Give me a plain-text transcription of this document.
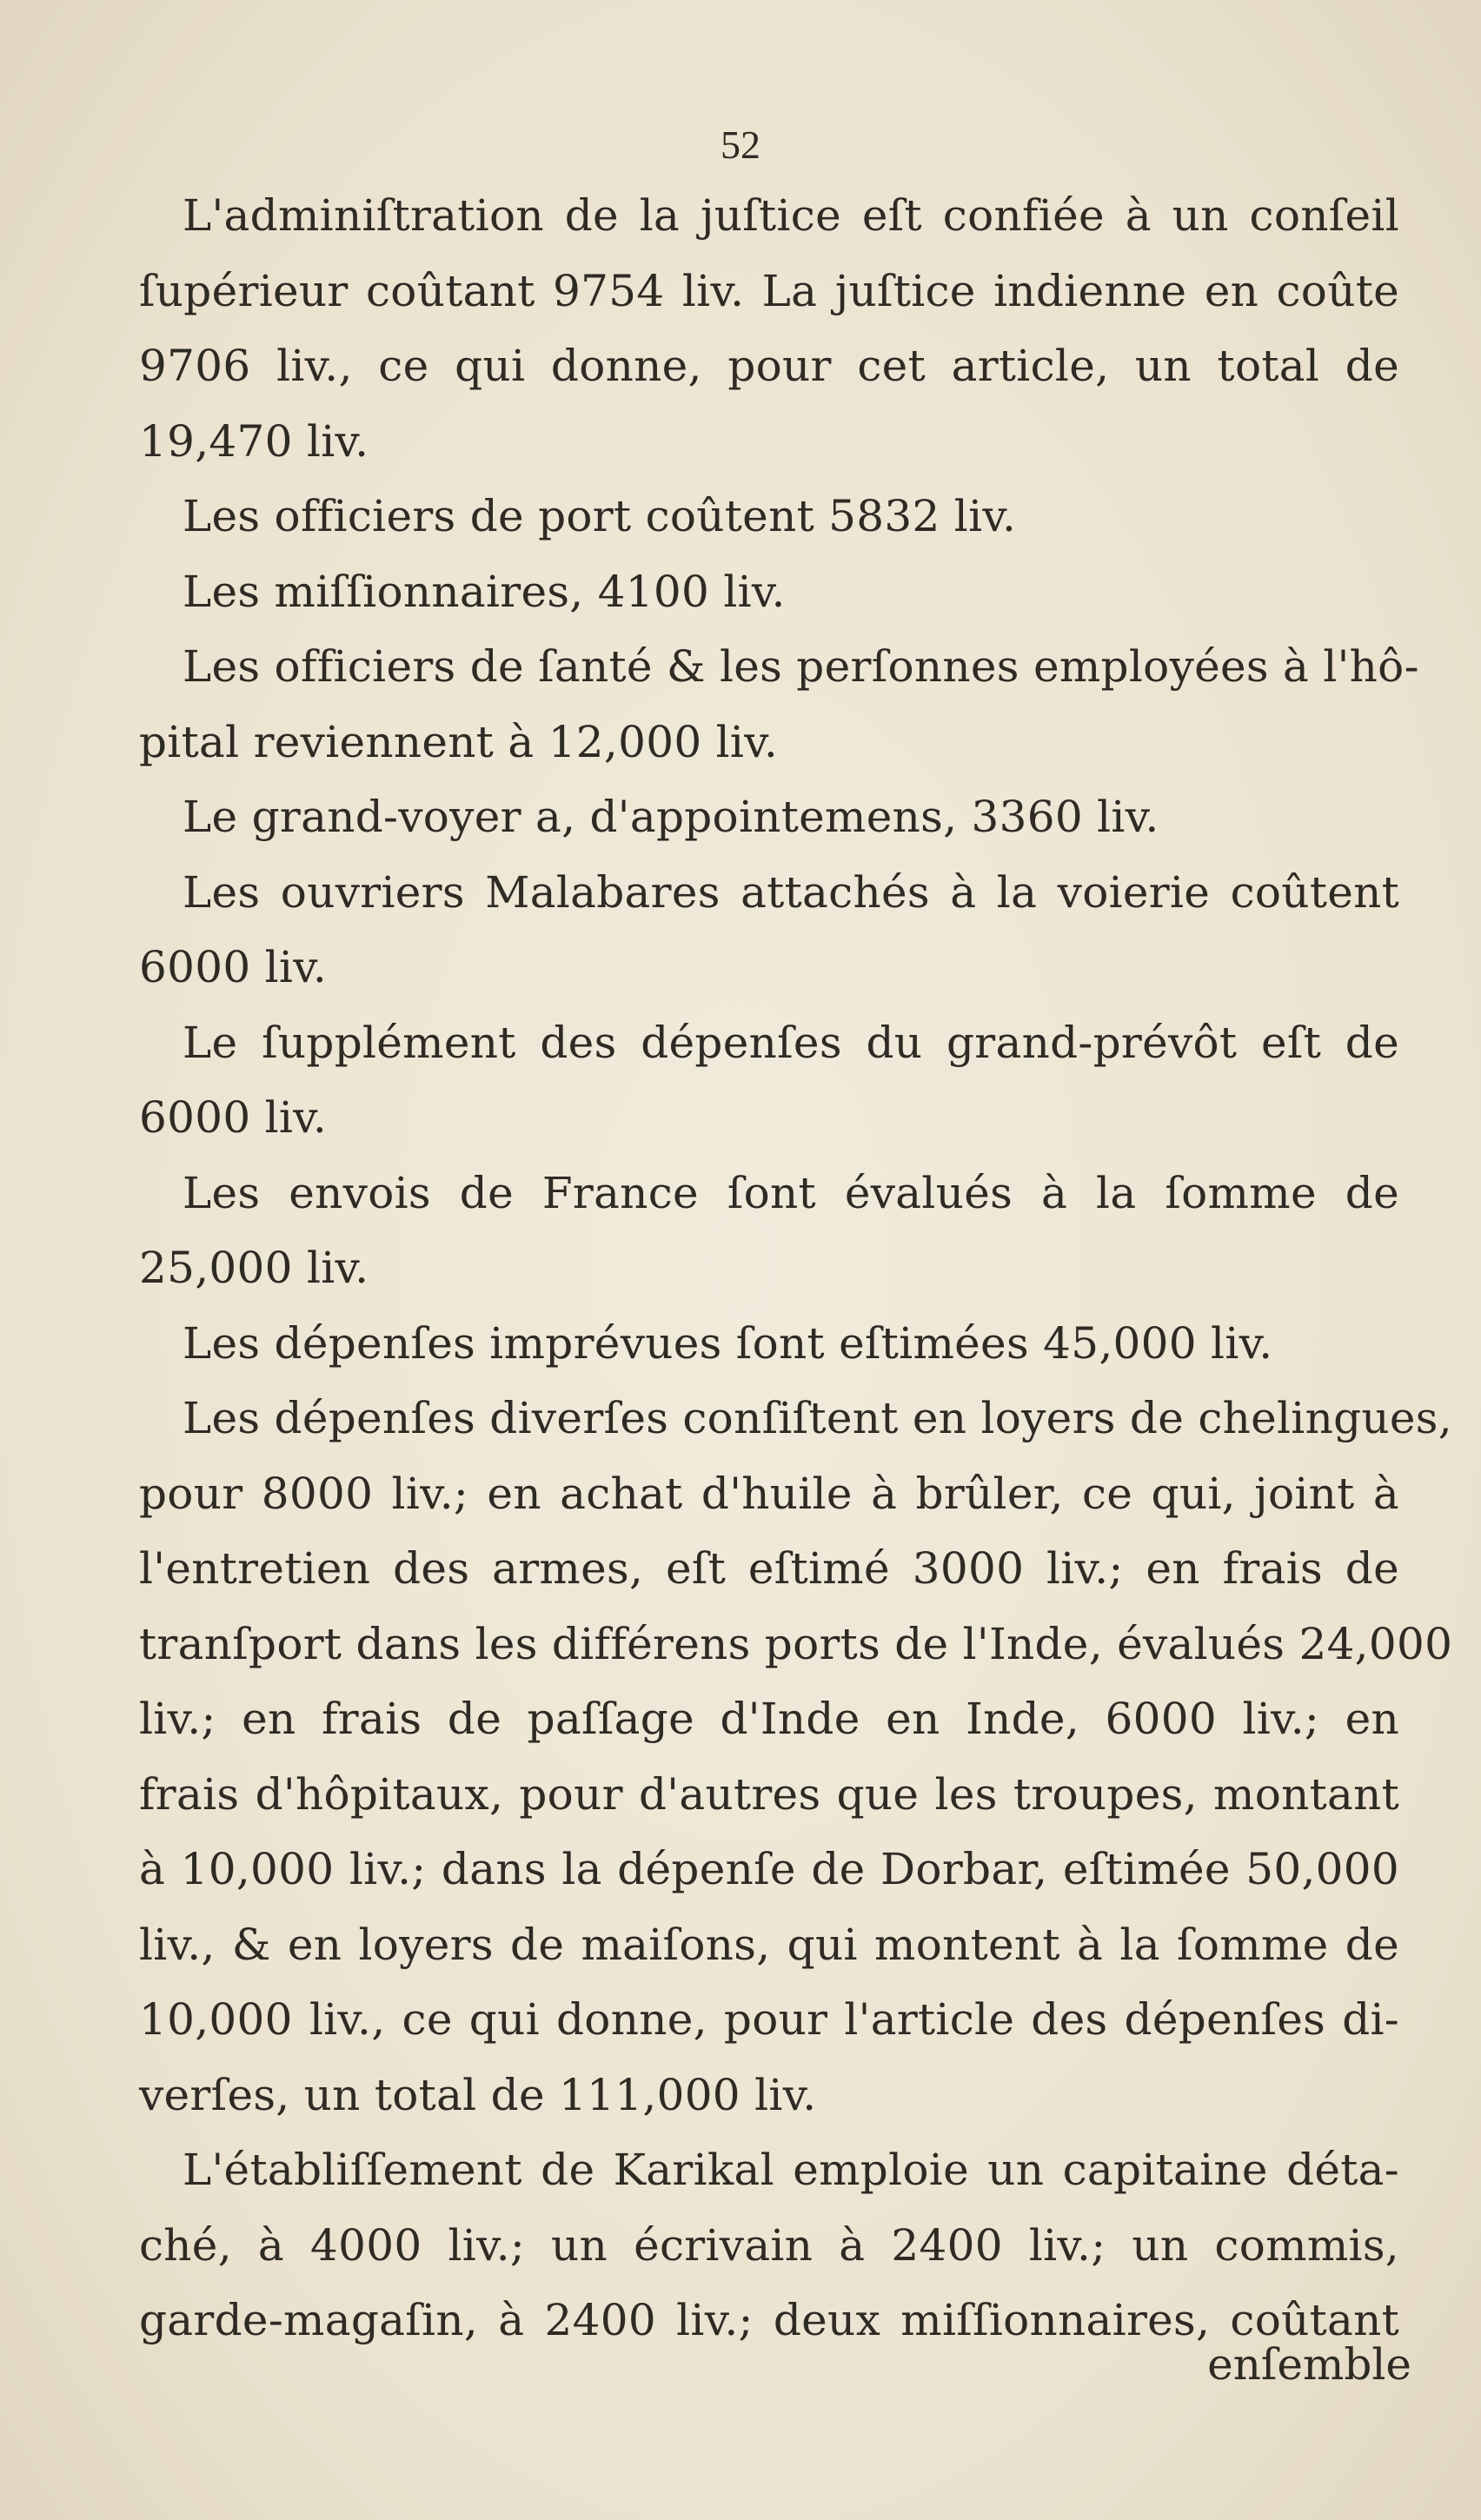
52
L'adminiſtration de la juſtice eſt confiée à un conſeil
ſupérieur coûtant 9754 liv. La juſtice indienne en coûte
9706 liv., ce qui donne, pour cet article, un total de
19,470 liv.
Les officiers de port coûtent 5832 liv.
Les miſſionnaires, 4100 liv.
Les officiers de ſanté & les perſonnes employées à l'hô-
pital reviennent à 12,000 liv.
Le grand-voyer a, d'appointemens, 3360 liv.
Les ouvriers Malabares attachés à la voierie coûtent
6000 liv.
Le ſupplément des dépenſes du grand-prévôt eſt de
6000 liv.
Les envois de France ſont évalués à la ſomme de
25,000 liv.
Les dépenſes imprévues ſont eſtimées 45,000 liv.
Les dépenſes diverſes conſiſtent en loyers de chelingues,
pour 8000 liv.; en achat d'huile à brûler, ce qui, joint à
l'entretien des armes, eſt eſtimé 3000 liv.; en frais de
tranſport dans les différens ports de l'Inde, évalués 24,000
liv.; en frais de paſſage d'Inde en Inde, 6000 liv.; en
frais d'hôpitaux, pour d'autres que les troupes, montant
à 10,000 liv.; dans la dépenſe de Dorbar, eſtimée 50,000
liv., & en loyers de maiſons, qui montent à la ſomme de
10,000 liv., ce qui donne, pour l'article des dépenſes di-
verſes, un total de 111,000 liv.
L'établiſſement de Karikal emploie un capitaine déta-
ché, à 4000 liv.; un écrivain à 2400 liv.; un commis,
garde-magaſin, à 2400 liv.; deux miſſionnaires, coûtant
enſemble
